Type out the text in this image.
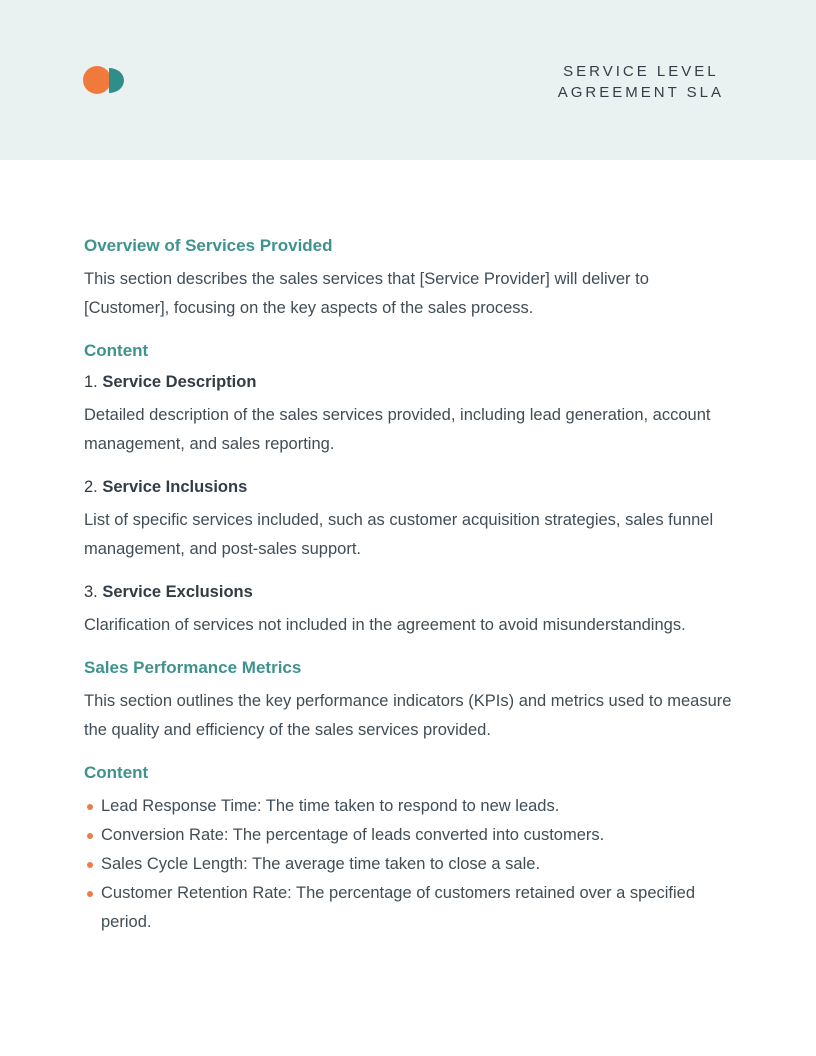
SERVICE LEVEL
AGREEMENT SLA
Overview of Services Provided

This section describes the sales services that [Service Provider] will deliver to [Customer], focusing on the key aspects of the sales process.

Content
1. Service Description

Detailed description of the sales services provided, including lead generation, account management, and sales reporting.

2. Service Inclusions

List of specific services included, such as customer acquisition strategies, sales funnel management, and post-sales support.

3. Service Exclusions

Clarification of services not included in the agreement to avoid misunderstandings.

Sales Performance Metrics

This section outlines the key performance indicators (KPIs) and metrics used to measure the quality and efficiency of the sales services provided.

Content
Lead Response Time: The time taken to respond to new leads.
Conversion Rate: The percentage of leads converted into customers.
Sales Cycle Length: The average time taken to close a sale.
Customer Retention Rate: The percentage of customers retained over a specified period.
